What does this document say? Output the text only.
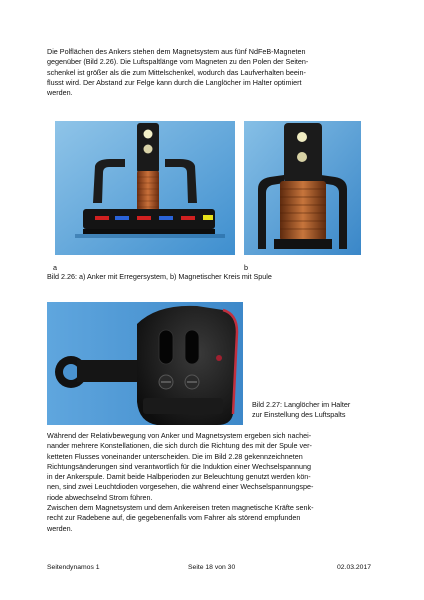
Die Polflächen des Ankers stehen dem Magnetsystem aus fünf NdFeB-Magneten
gegenüber (Bild 2.26). Die Luftspaltlänge vom Magneten zu den Polen der Seiten-
schenkel ist größer als die zum Mittelschenkel, wodurch das Laufverhalten beein-
flusst wird. Der Abstand zur Felge kann durch die Langlöcher im Halter optimiert
werden.

a	b
Bild 2.26: a) Anker mit Erregersystem, b) Magnetischer Kreis mit Spule
Bild 2.27: Langlöcher im Halter
zur Einstellung des Luftspalts

Während der Relativbewegung von Anker und Magnetsystem ergeben sich nachei-
nander mehrere Konstellationen, die sich durch die Richtung des mit der Spule ver-
ketteten Flusses voneinander unterscheiden. Die im Bild 2.28 gekennzeichneten
Richtungsänderungen sind verantwortlich für die Induktion einer Wechselspannung
in der Ankerspule. Damit beide Halbperioden zur Beleuchtung genutzt werden kön-
nen, sind zwei Leuchtdioden vorgesehen, die während einer Wechselspannungspe-
riode abwechselnd Strom führen.
Zwischen dem Magnetsystem und dem Ankereisen treten magnetische Kräfte senk-
recht zur Radebene auf, die gegebenenfalls vom Fahrer als störend empfunden
werden.

Seitendynamos 1	Seite 18 von 30	02.03.2017
